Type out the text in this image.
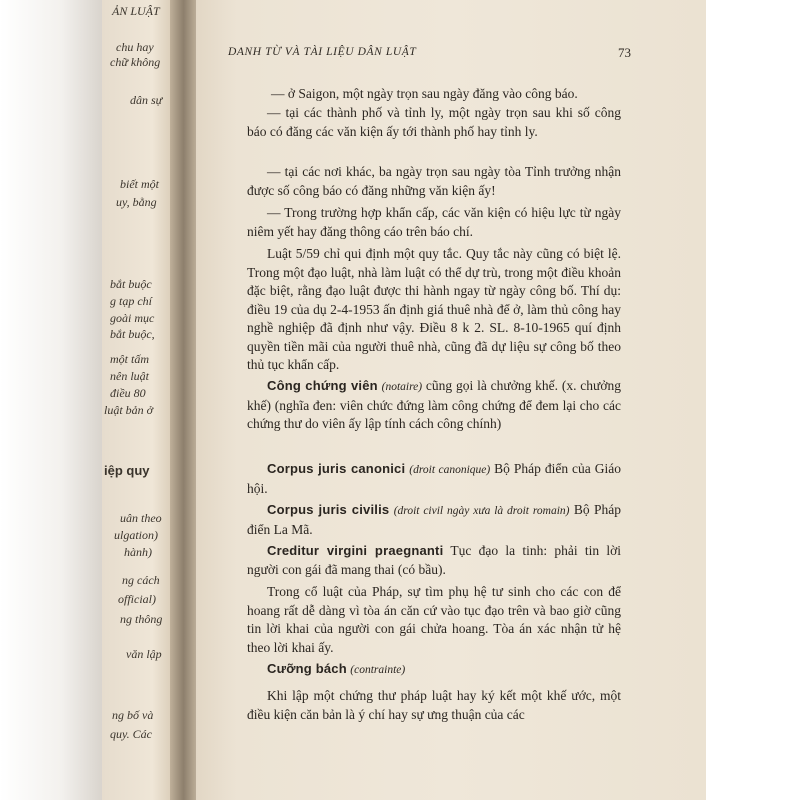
ẢN LUẬT
chu hay
chữ không
dân sự
biết một
uy, bằng
bắt buộc
g tạp chí
goài mục
bắt buộc,
một tấm
nên luật
điều 80
luật bản ở
iệp quy
uân theo
ulgation)
hành)
ng cách
official)
ng thông
văn lập
ng bố và
quy. Các
DANH TỪ VÀ TÀI LIỆU DÂN LUẬT	73
— ở Saigon, một ngày trọn sau ngày đăng vào công báo.
— tại các thành phố và tỉnh ly, một ngày trọn sau khi số công báo có đăng các văn kiện ấy tới thành phố hay tỉnh ly.
— tại các nơi khác, ba ngày trọn sau ngày tòa Tỉnh trưởng nhận được số công báo có đăng những văn kiện ấy!
— Trong trường hợp khẩn cấp, các văn kiện có hiệu lực từ ngày niêm yết hay đăng thông cáo trên báo chí.
Luật 5/59 chỉ qui định một quy tắc. Quy tắc này cũng có biệt lệ. Trong một đạo luật, nhà làm luật có thể dự trù, trong một điều khoản đặc biệt, rằng đạo luật được thi hành ngay từ ngày công bố. Thí dụ: điều 19 của dụ 2-4-1953 ấn định giá thuê nhà để ở, làm thủ công hay nghề nghiệp đã định như vậy. Điều 8 k 2. SL. 8-10-1965 quí định quyền tiền mãi của người thuê nhà, cũng đã dự liệu sự công bố theo thủ tục khẩn cấp.
Công chứng viên (notaire) cũng gọi là chưởng khế. (x. chưởng khế) (nghĩa đen: viên chức đứng làm công chứng để đem lại cho các chứng thư do viên ấy lập tính cách công chính)
Corpus juris canonici (droit canonique) Bộ Pháp điển của Giáo hội.
Corpus juris civilis (droit civil ngày xưa là droit romain) Bộ Pháp điển La Mã.
Creditur virgini praegnanti Tục đạo la tinh: phải tin lời người con gái đã mang thai (có bầu).
Trong cổ luật của Pháp, sự tìm phụ hệ tư sinh cho các con để hoang rất dễ dàng vì tòa án căn cứ vào tục đạo trên và bao giờ cũng tin lời khai của người con gái chửa hoang. Tòa án xác nhận tử hệ theo lời khai ấy.
Cưỡng bách (contrainte)
Khi lập một chứng thư pháp luật hay ký kết một khế ước, một điều kiện căn bản là ý chí hay sự ưng thuận của các
